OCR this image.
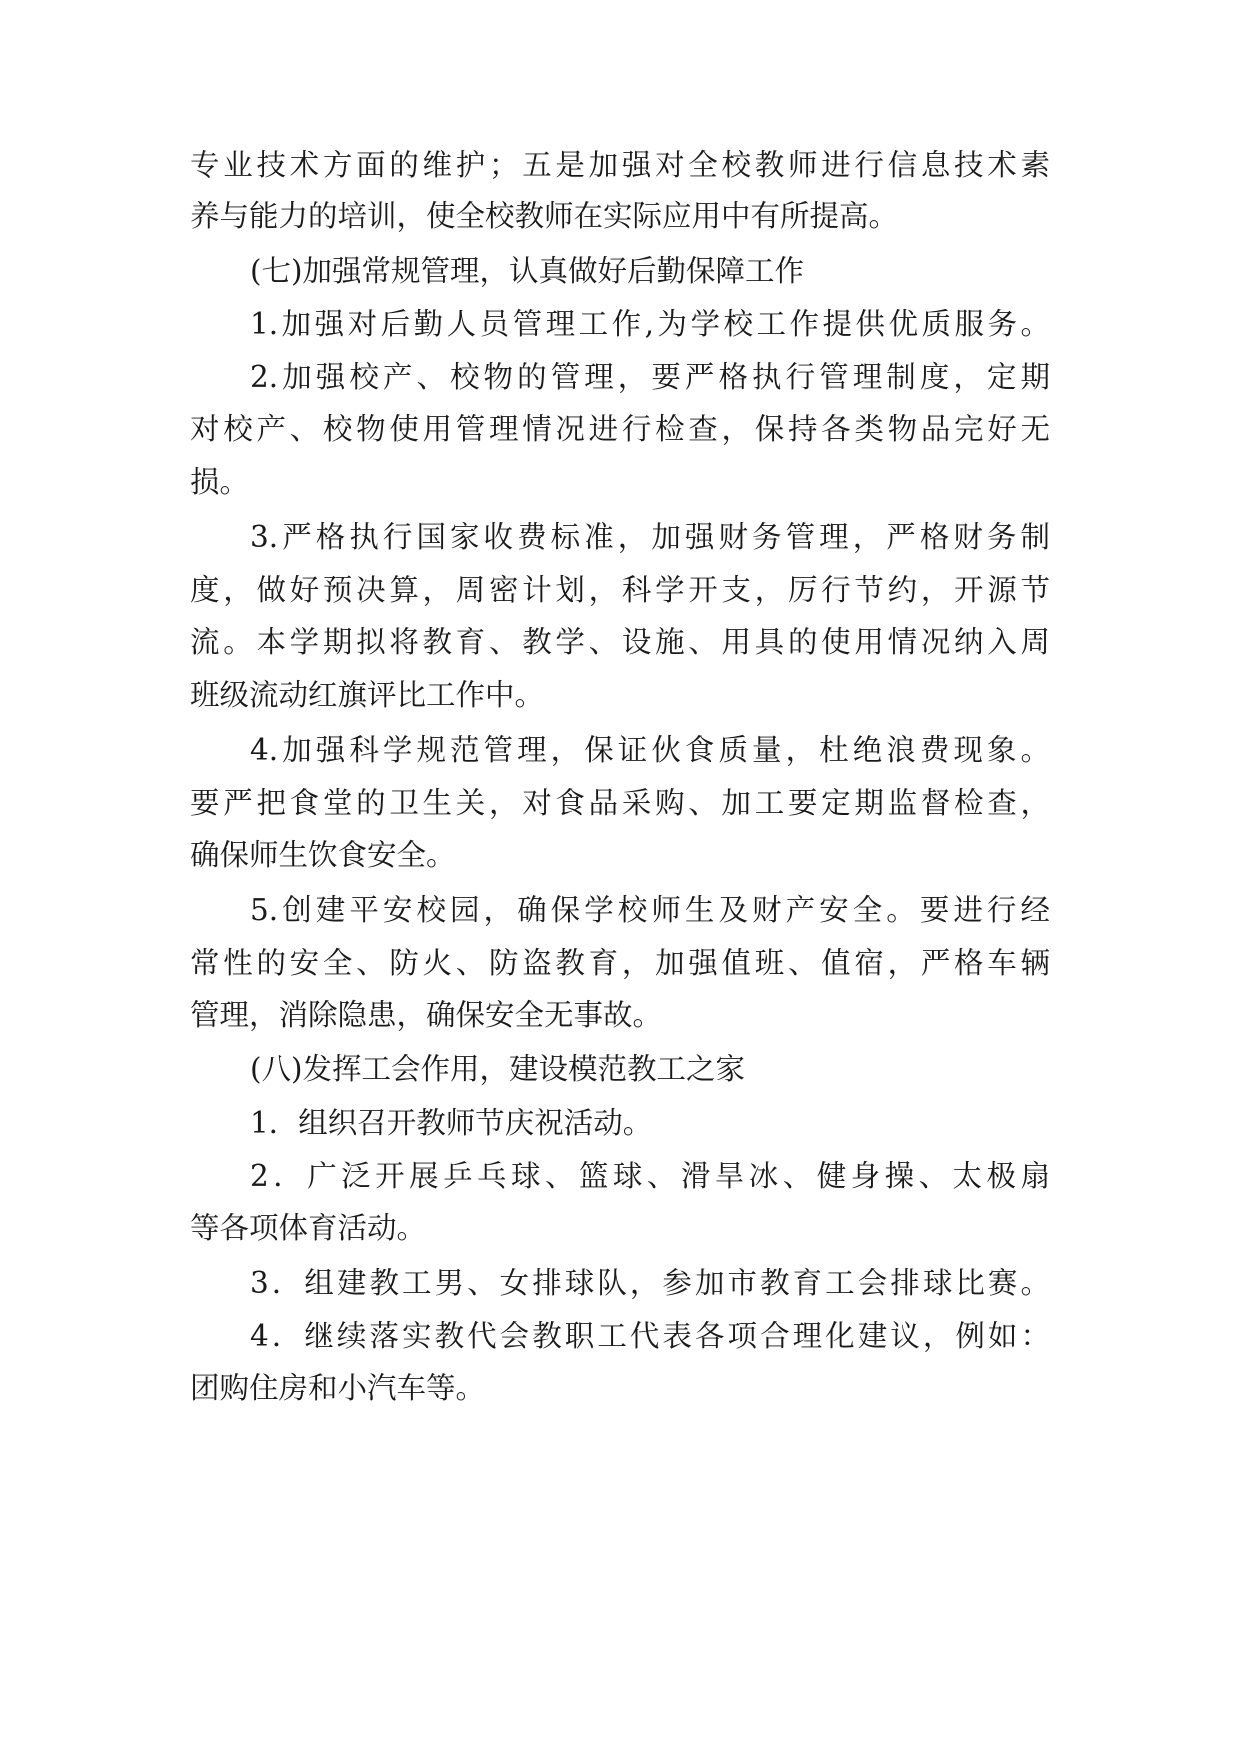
专业技术方面的维护；五是加强对全校教师进行信息技术素

养与能力的培训，使全校教师在实际应用中有所提高。

(七)加强常规管理，认真做好后勤保障工作

1.加强对后勤人员管理工作,为学校工作提供优质服务。

2.加强校产、校物的管理，要严格执行管理制度，定期

对校产、校物使用管理情况进行检查，保持各类物品完好无

损。

3.严格执行国家收费标准，加强财务管理，严格财务制

度，做好预决算，周密计划，科学开支，厉行节约，开源节

流。本学期拟将教育、教学、设施、用具的使用情况纳入周

班级流动红旗评比工作中。

4.加强科学规范管理，保证伙食质量，杜绝浪费现象。

要严把食堂的卫生关，对食品采购、加工要定期监督检查，

确保师生饮食安全。

5.创建平安校园，确保学校师生及财产安全。要进行经

常性的安全、防火、防盗教育，加强值班、值宿，严格车辆

管理，消除隐患，确保安全无事故。

(八)发挥工会作用，建设模范教工之家

1．组织召开教师节庆祝活动。

2．广泛开展乒乓球、篮球、滑旱冰、健身操、太极扇

等各项体育活动。

3．组建教工男、女排球队，参加市教育工会排球比赛。

4．继续落实教代会教职工代表各项合理化建议，例如：

团购住房和小汽车等。
